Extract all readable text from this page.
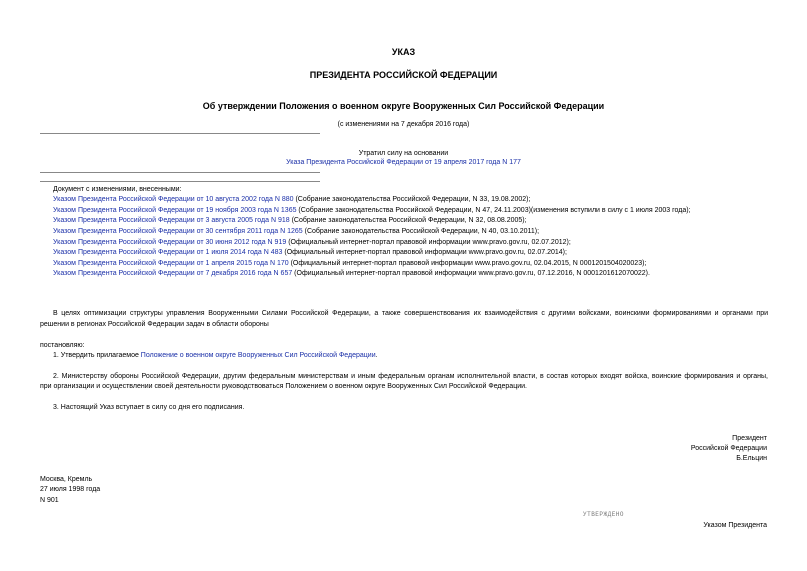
УКАЗ
ПРЕЗИДЕНТА РОССИЙСКОЙ ФЕДЕРАЦИИ
Об утверждении Положения о военном округе Вооруженных Сил Российской Федерации
(с изменениями на 7 декабря 2016 года)
Утратил силу на основании
Указа Президента Российской Федерации от 19 апреля 2017 года N 177
Документ с изменениями, внесенными:
Указом Президента Российской Федерации от 10 августа 2002 года N 880 (Собрание законодательства Российской Федерации, N 33, 19.08.2002);
Указом Президента Российской Федерации от 19 ноября 2003 года N 1365 (Собрание законодательства Российской Федерации, N 47, 24.11.2003)(изменения вступили в силу с 1 июля 2003 года);
Указом Президента Российской Федерации от 3 августа 2005 года N 918 (Собрание законодательства Российской Федерации, N 32, 08.08.2005);
Указом Президента Российской Федерации от 30 сентября 2011 года N 1265 (Собрание законодательства Российской Федерации, N 40, 03.10.2011);
Указом Президента Российской Федерации от 30 июня 2012 года N 919 (Официальный интернет-портал правовой информации www.pravo.gov.ru, 02.07.2012);
Указом Президента Российской Федерации от 1 июля 2014 года N 483 (Официальный интернет-портал правовой информации www.pravo.gov.ru, 02.07.2014);
Указом Президента Российской Федерации от 1 апреля 2015 года N 170 (Официальный интернет-портал правовой информации www.pravo.gov.ru, 02.04.2015, N 0001201504020023);
Указом Президента Российской Федерации от 7 декабря 2016 года N 657 (Официальный интернет-портал правовой информации www.pravo.gov.ru, 07.12.2016, N 0001201612070022).
В целях оптимизации структуры управления Вооруженными Силами Российской Федерации, а также совершенствования их взаимодействия с другими войсками, воинскими формированиями и органами при
решении в регионах Российской Федерации задач в области обороны
постановляю:
1. Утвердить прилагаемое Положение о военном округе Вооруженных Сил Российской Федерации.
2. Министерству обороны Российской Федерации, другим федеральным министерствам и иным федеральным органам исполнительной власти, в состав которых входят войска, воинские формирования и органы,
при организации и осуществлении своей деятельности руководствоваться Положением о военном округе Вооруженных Сил Российской Федерации.
3. Настоящий Указ вступает в силу со дня его подписания.
Президент
Российской Федерации
Б.Ельцин
Москва, Кремль
27 июля 1998 года
N 901
УТВЕРЖДЕНО
Указом Президента
